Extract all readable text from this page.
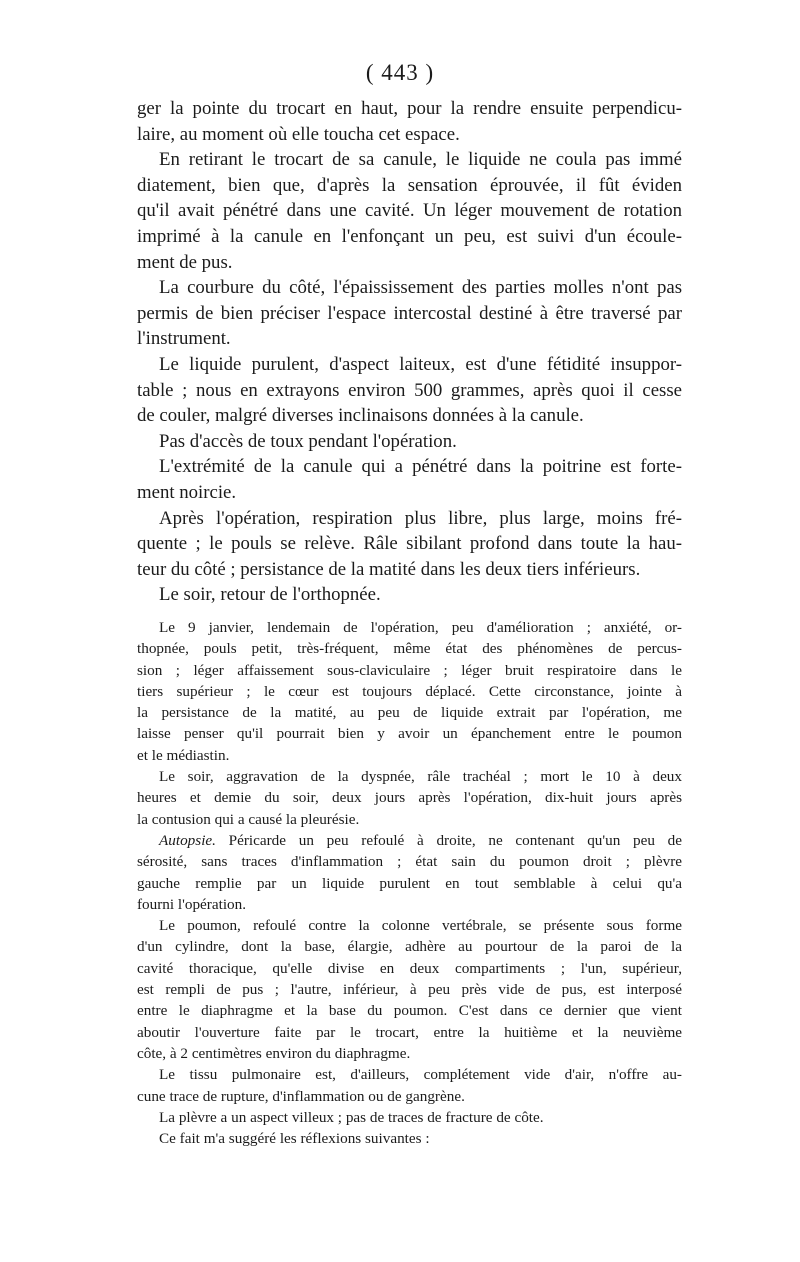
( 443 )

ger la pointe du trocart en haut, pour la rendre ensuite perpendicu-
laire, au moment où elle toucha cet espace.

En retirant le trocart de sa canule, le liquide ne coula pas immé
diatement, bien que, d'après la sensation éprouvée, il fût éviden
qu'il avait pénétré dans une cavité. Un léger mouvement de rotation
imprimé à la canule en l'enfonçant un peu, est suivi d'un écoule-
ment de pus.

La courbure du côté, l'épaississement des parties molles n'ont pas
permis de bien préciser l'espace intercostal destiné à être traversé par
l'instrument.

Le liquide purulent, d'aspect laiteux, est d'une fétidité insuppor-
table ; nous en extrayons environ 500 grammes, après quoi il cesse
de couler, malgré diverses inclinaisons données à la canule.

Pas d'accès de toux pendant l'opération.

L'extrémité de la canule qui a pénétré dans la poitrine est forte-
ment noircie.

Après l'opération, respiration plus libre, plus large, moins fré-
quente ; le pouls se relève. Râle sibilant profond dans toute la hau-
teur du côté ; persistance de la matité dans les deux tiers inférieurs.

Le soir, retour de l'orthopnée.

Le 9 janvier, lendemain de l'opération, peu d'amélioration ; anxiété, or-
thopnée, pouls petit, très-fréquent, même état des phénomènes de percus-
sion ; léger affaissement sous-claviculaire ; léger bruit respiratoire dans le
tiers supérieur ; le cœur est toujours déplacé. Cette circonstance, jointe à
la persistance de la matité, au peu de liquide extrait par l'opération, me
laisse penser qu'il pourrait bien y avoir un épanchement entre le poumon
et le médiastin.

Le soir, aggravation de la dyspnée, râle trachéal ; mort le 10 à deux
heures et demie du soir, deux jours après l'opération, dix-huit jours après
la contusion qui a causé la pleurésie.

Autopsie. Péricarde un peu refoulé à droite, ne contenant qu'un peu de
sérosité, sans traces d'inflammation ; état sain du poumon droit ; plèvre
gauche remplie par un liquide purulent en tout semblable à celui qu'a
fourni l'opération.

Le poumon, refoulé contre la colonne vertébrale, se présente sous forme
d'un cylindre, dont la base, élargie, adhère au pourtour de la paroi de la
cavité thoracique, qu'elle divise en deux compartiments ; l'un, supérieur,
est rempli de pus ; l'autre, inférieur, à peu près vide de pus, est interposé
entre le diaphragme et la base du poumon. C'est dans ce dernier que vient
aboutir l'ouverture faite par le trocart, entre la huitième et la neuvième
côte, à 2 centimètres environ du diaphragme.

Le tissu pulmonaire est, d'ailleurs, complétement vide d'air, n'offre au-
cune trace de rupture, d'inflammation ou de gangrène.

La plèvre a un aspect villeux ; pas de traces de fracture de côte.

Ce fait m'a suggéré les réflexions suivantes :
